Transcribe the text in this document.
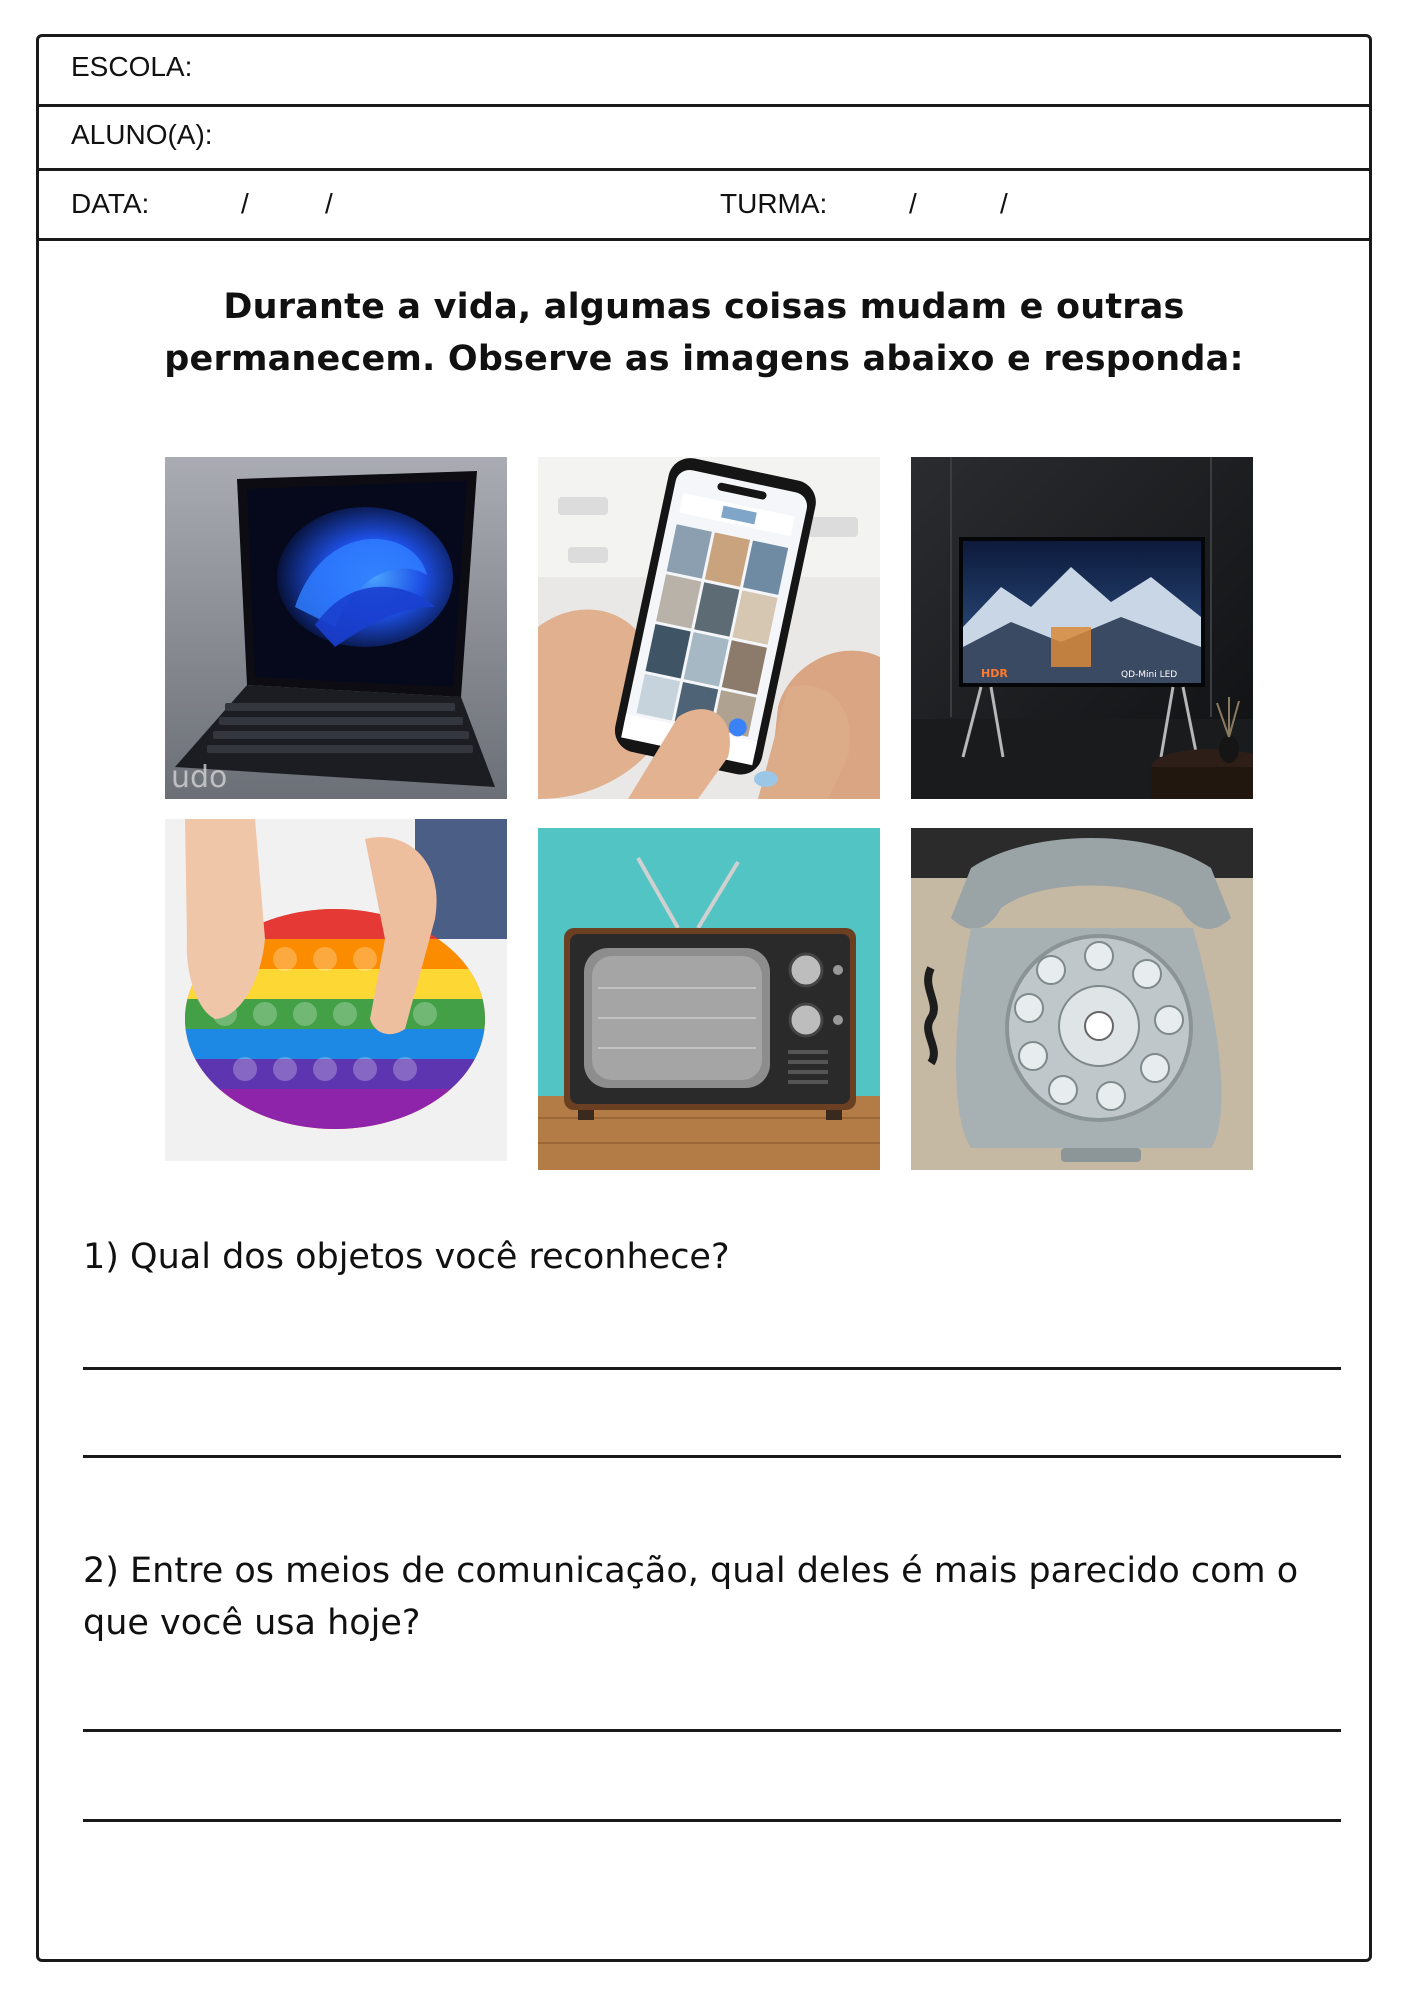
ESCOLA:
ALUNO(A):
DATA:	/	/	TURMA:	/	/
Durante a vida, algumas coisas mudam e outras
permanecem. Observe as imagens abaixo e responda:
udo
HDR	QD-Mini LED
1) Qual dos objetos você reconhece?
2) Entre os meios de comunicação, qual deles é mais parecido com o
que você usa hoje?
